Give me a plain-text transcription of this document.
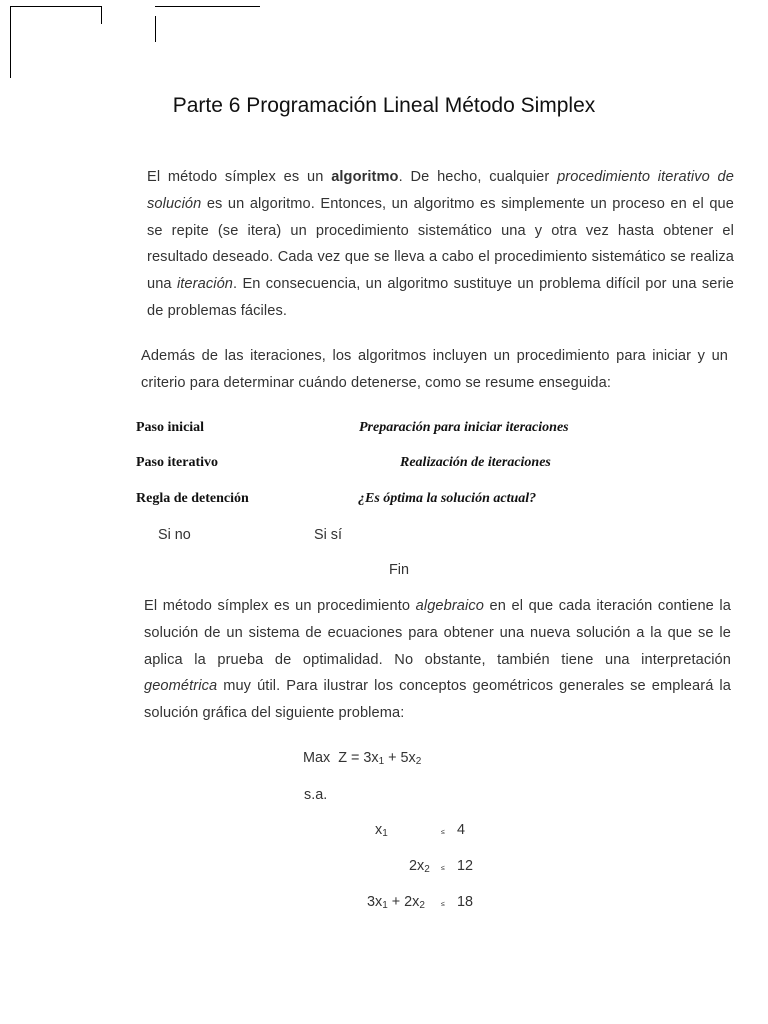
Parte 6 Programación Lineal Método Simplex
El método símplex es un algoritmo. De hecho, cualquier procedimiento iterativo de solución es un algoritmo. Entonces, un algoritmo es simplemente un proceso en el que se repite (se itera) un procedimiento sistemático una y otra vez hasta obtener el resultado deseado. Cada vez que se lleva a cabo el procedimiento sistemático se realiza una iteración. En consecuencia, un algoritmo sustituye un problema difícil por una serie de problemas fáciles.
Además de las iteraciones, los algoritmos incluyen un procedimiento para iniciar y un criterio para determinar cuándo detenerse, como se resume enseguida:
Paso inicial	Preparación para iniciar iteraciones
Paso iterativo	Realización de iteraciones
Regla de detención	¿Es óptima la solución actual?
Si no	Si sí
Fin
El método símplex es un procedimiento algebraico en el que cada iteración contiene la solución de un sistema de ecuaciones para obtener una nueva solución a la que se le aplica la prueba de optimalidad. No obstante, también tiene una interpretación geométrica muy útil. Para ilustrar los conceptos geométricos generales se empleará la solución gráfica del siguiente problema:
Max $Z = 3x_1 + 5x_2$
s.a.
$x_1$	≤ 4
$2x_2 \le 12$
$3x_1 + 2x_2 \le 18$
